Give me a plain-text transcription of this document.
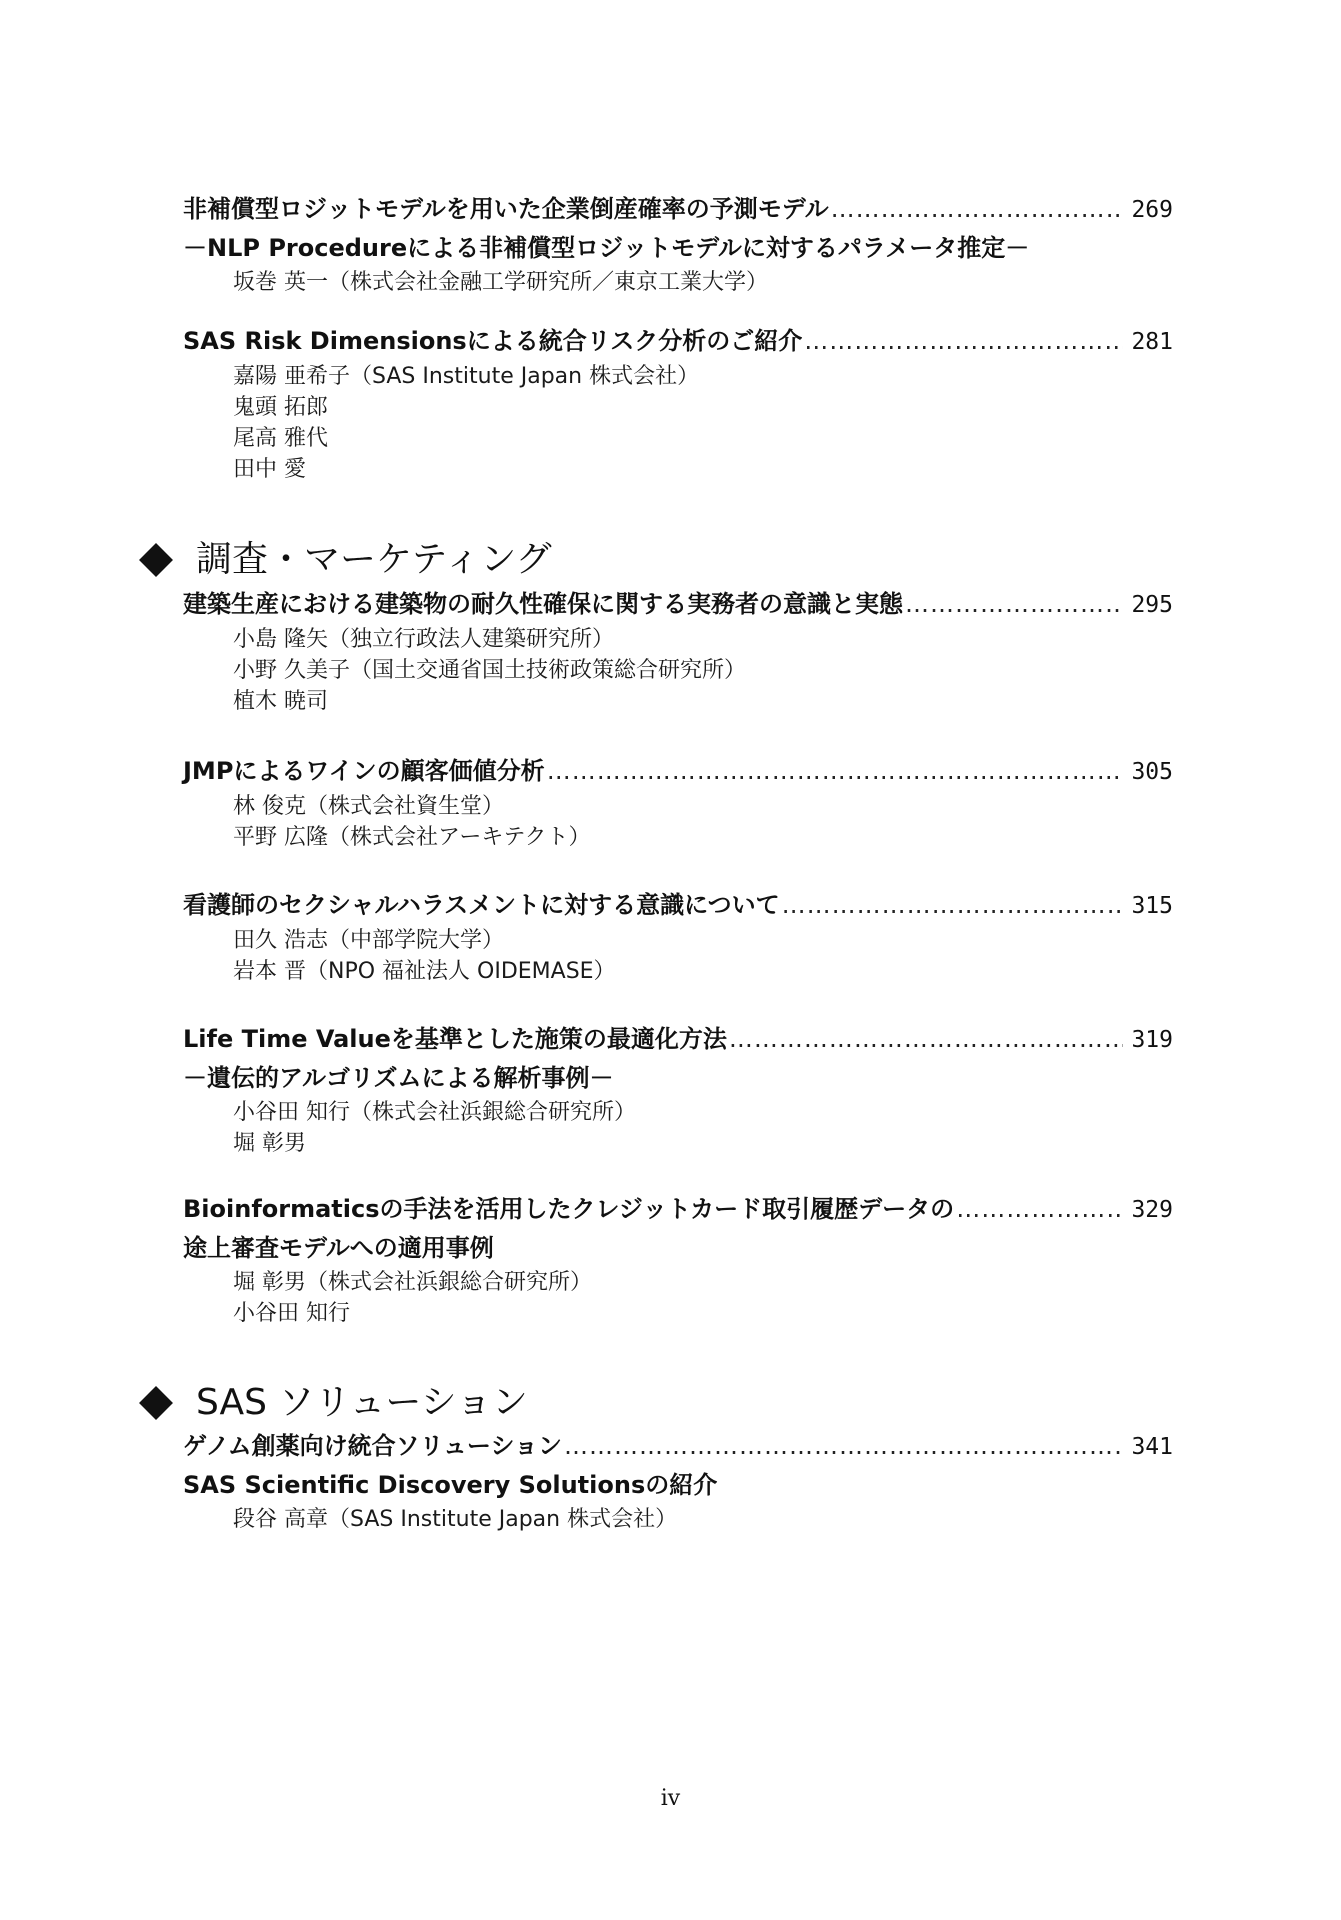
非補償型ロジットモデルを用いた企業倒産確率の予測モデル …………………………………………………………………………………………………………………………………………………………	269
－NLP Procedureによる非補償型ロジットモデルに対するパラメータ推定－
坂巻 英一（株式会社金融工学研究所／東京工業大学）
SAS Risk Dimensionsによる統合リスク分析のご紹介 …………………………………………………………………………………………………………………………………………………………	281
嘉陽 亜希子（SAS Institute Japan 株式会社）
鬼頭 拓郎
尾高 雅代
田中 愛
調査・マーケティング
建築生産における建築物の耐久性確保に関する実務者の意識と実態 …………………………………………………………………………………………………………………………………………………………	295
小島 隆矢（独立行政法人建築研究所）
小野 久美子（国土交通省国土技術政策総合研究所）
植木 暁司
JMPによるワインの顧客価値分析 …………………………………………………………………………………………………………………………………………………………	305
林 俊克（株式会社資生堂）
平野 広隆（株式会社アーキテクト）
看護師のセクシャルハラスメントに対する意識について …………………………………………………………………………………………………………………………………………………………	315
田久 浩志（中部学院大学）
岩本 晋（NPO 福祉法人 OIDEMASE）
Life Time Valueを基準とした施策の最適化方法 …………………………………………………………………………………………………………………………………………………………	319
－遺伝的アルゴリズムによる解析事例－
小谷田 知行（株式会社浜銀総合研究所）
堀 彰男
Bioinformaticsの手法を活用したクレジットカード取引履歴データの …………………………………………………………………………………………………………………………………………………………	329
途上審査モデルへの適用事例
堀 彰男（株式会社浜銀総合研究所）
小谷田 知行
SAS ソリューション
ゲノム創薬向け統合ソリューション …………………………………………………………………………………………………………………………………………………………	341
SAS Scientific Discovery Solutionsの紹介
段谷 高章（SAS Institute Japan 株式会社）
iv
